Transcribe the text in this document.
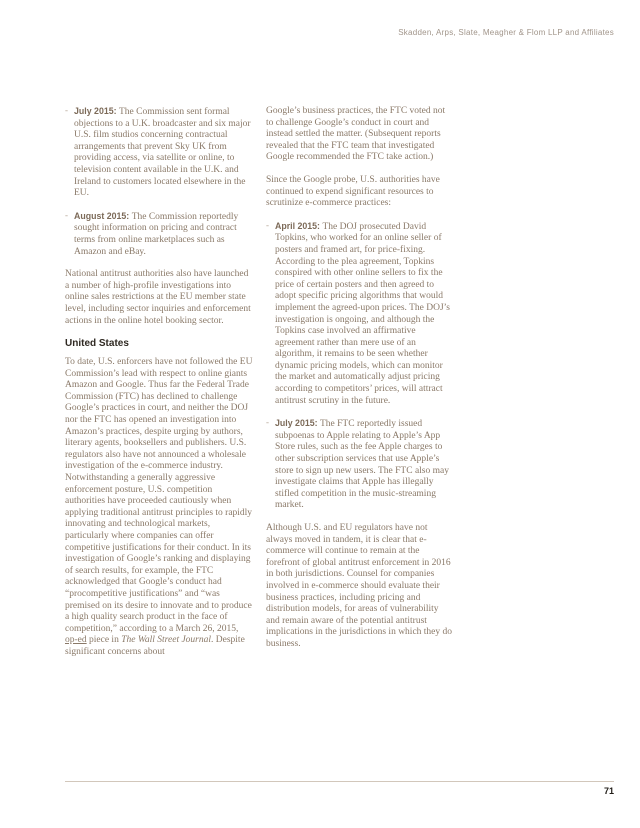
Skadden, Arps, Slate, Meagher & Flom LLP and Affiliates
- July 2015: The Commission sent formal objections to a U.K. broadcaster and six major U.S. film studios concerning contractual arrangements that prevent Sky UK from providing access, via satellite or online, to television content available in the U.K. and Ireland to customers located elsewhere in the EU.
- August 2015: The Commission reportedly sought information on pricing and contract terms from online marketplaces such as Amazon and eBay.

National antitrust authorities also have launched a number of high-profile investigations into online sales restrictions at the EU member state level, including sector inquiries and enforcement actions in the online hotel booking sector.

United States

To date, U.S. enforcers have not followed the EU Commission’s lead with respect to online giants Amazon and Google. Thus far the Federal Trade Commission (FTC) has declined to challenge Google’s practices in court, and neither the DOJ nor the FTC has opened an investigation into Amazon’s practices, despite urging by authors, literary agents, booksellers and publishers. U.S. regulators also have not announced a wholesale investigation of the e-commerce industry. Notwithstanding a generally aggressive enforcement posture, U.S. competition authorities have proceeded cautiously when applying traditional antitrust principles to rapidly innovating and technological markets, particularly where companies can offer competitive justifications for their conduct. In its investigation of Google’s ranking and displaying of search results, for example, the FTC acknowledged that Google’s conduct had “procompetitive justifications” and “was premised on its desire to innovate and to produce a high quality search product in the face of competition,” according to a March 26, 2015, op-ed piece in The Wall Street Journal. Despite significant concerns about

Google’s business practices, the FTC voted not to challenge Google’s conduct in court and instead settled the matter. (Subsequent reports revealed that the FTC team that investigated Google recommended the FTC take action.)

Since the Google probe, U.S. authorities have continued to expend significant resources to scrutinize e-commerce practices:

- April 2015: The DOJ prosecuted David Topkins, who worked for an online seller of posters and framed art, for price-fixing. According to the plea agreement, Topkins conspired with other online sellers to fix the price of certain posters and then agreed to adopt specific pricing algorithms that would implement the agreed-upon prices. The DOJ’s investigation is ongoing, and although the Topkins case involved an affirmative agreement rather than mere use of an algorithm, it remains to be seen whether dynamic pricing models, which can monitor the market and automatically adjust pricing according to competitors’ prices, will attract antitrust scrutiny in the future.
- July 2015: The FTC reportedly issued subpoenas to Apple relating to Apple’s App Store rules, such as the fee Apple charges to other subscription services that use Apple’s store to sign up new users. The FTC also may investigate claims that Apple has illegally stifled competition in the music-streaming market.

Although U.S. and EU regulators have not always moved in tandem, it is clear that e-commerce will continue to remain at the forefront of global antitrust enforcement in 2016 in both jurisdictions. Counsel for companies involved in e-commerce should evaluate their business practices, including pricing and distribution models, for areas of vulnerability and remain aware of the potential antitrust implications in the jurisdictions in which they do business.

71
